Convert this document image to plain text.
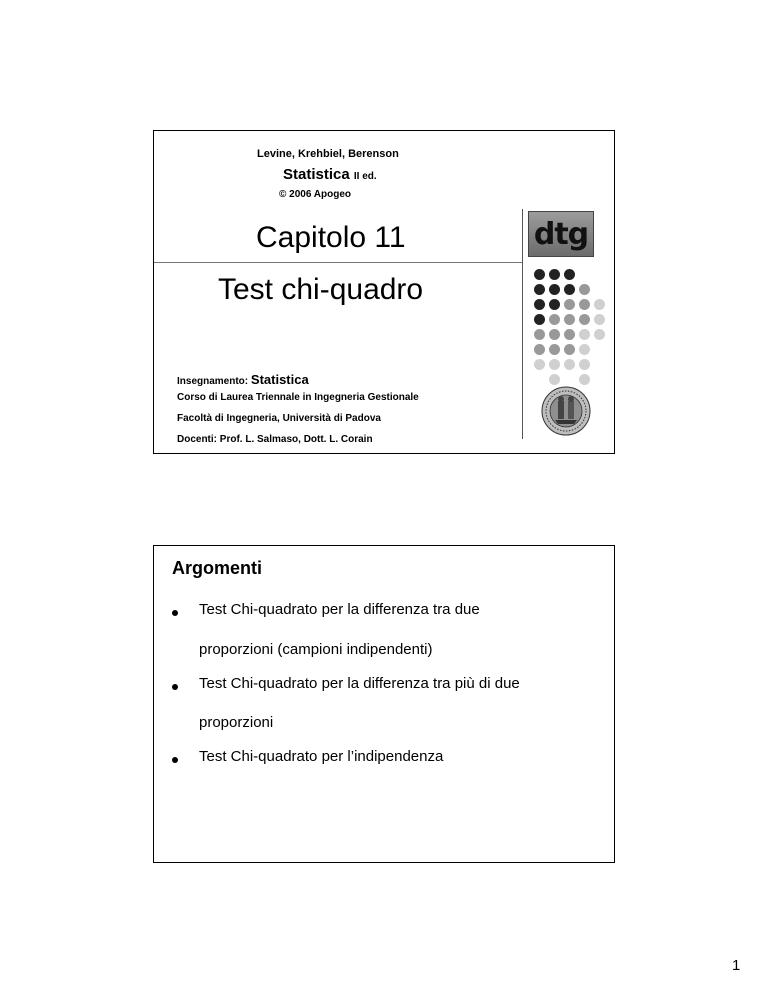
Levine, Krehbiel, Berenson
Statistica II ed.
© 2006 Apogeo
Capitolo 11
Test chi-quadro
dtg
Insegnamento: Statistica
Corso di Laurea Triennale in Ingegneria Gestionale
Facoltà di Ingegneria, Università di Padova
Docenti: Prof. L. Salmaso, Dott. L. Corain
Argomenti
Test Chi-quadrato per la differenza tra due
proporzioni (campioni indipendenti)
Test Chi-quadrato per la differenza tra più di due
proporzioni
Test Chi-quadrato per l’indipendenza
1
